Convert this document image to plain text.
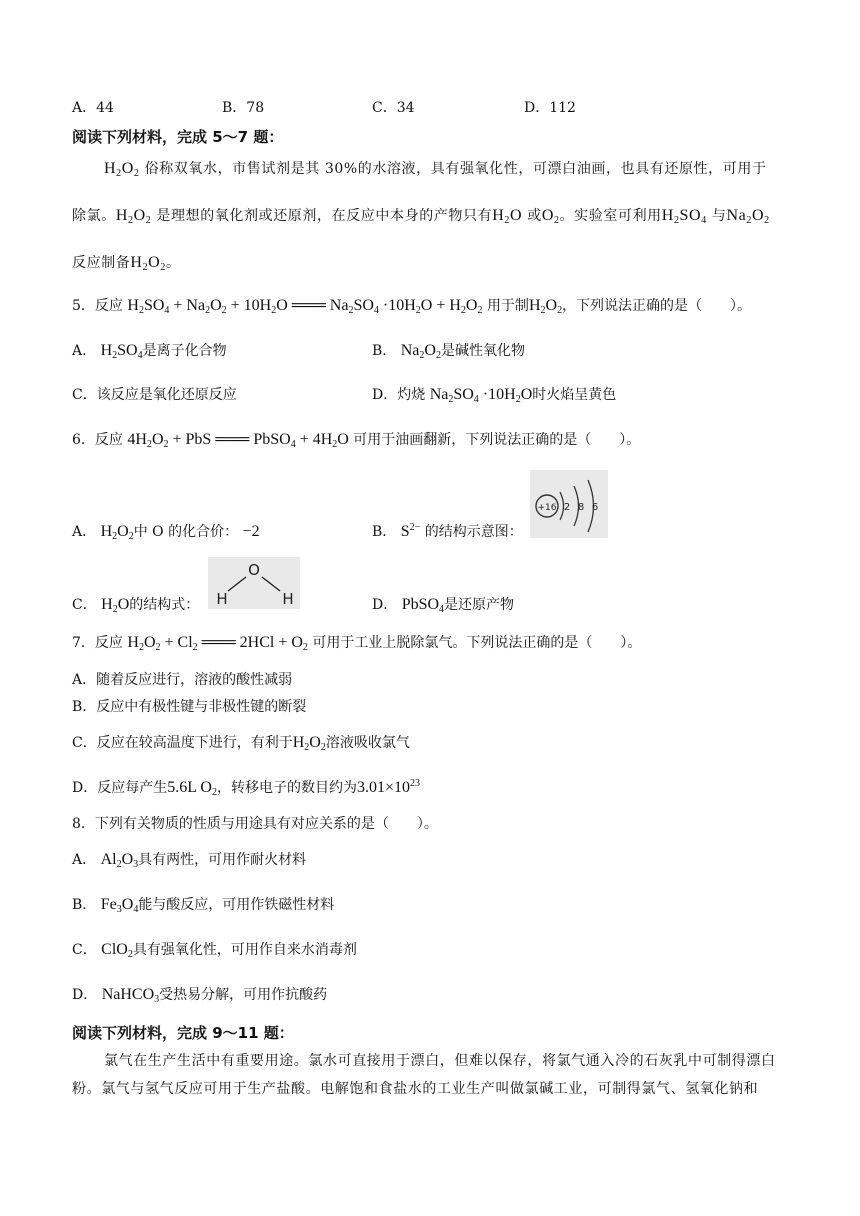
A．44	B．78	C．34	D．112
阅读下列材料，完成 5～7 题：
$H_2O_2$ 俗称双氧水，市售试剂是其 30%的水溶液，具有强氧化性，可漂白油画，也具有还原性，可用于
除氯。$H_2O_2$ 是理想的氧化剂或还原剂，在反应中本身的产物只有$H_2O$ 或$O_2$。实验室可利用$H_2SO_4$ 与$Na_2O_2$
反应制备$H_2O_2$。
5．反应 $H_2SO_4 + Na_2O_2 + 10H_2O$ ═══ $Na_2SO_4 \cdot 10H_2O + H_2O_2$ 用于制$H_2O_2$，下列说法正确的是（　　）。
A． $H_2SO_4$是离子化合物	B． $Na_2O_2$是碱性氧化物
C．该反应是氧化还原反应	D．灼烧 $Na_2SO_4 \cdot 10H_2O$时火焰呈黄色
6．反应 $4H_2O_2$ + PbS ═══ PbSO$_4$ + $4H_2O$ 可用于油画翻新，下列说法正确的是（　　）。
A． $H_2O_2$中 O 的化合价： −2	B． $S^{2-}$ 的结构示意图：
+16 2 8 6
C． $H_2O$的结构式：
O
H	H	D． PbSO$_4$是还原产物
7．反应 $H_2O_2 + Cl_2$ ═══ $2HCl + O_2$ 可用于工业上脱除氯气。下列说法正确的是（　　）。
A．随着反应进行，溶液的酸性减弱
B．反应中有极性键与非极性键的断裂
C．反应在较高温度下进行，有利于$H_2O_2$溶液吸收氯气
D．反应每产生5.6L $O_2$，转移电子的数目约为$3.01\times 10^{23}$
8．下列有关物质的性质与用途具有对应关系的是（　　）。
A． $Al_2O_3$具有两性，可用作耐火材料
B． $Fe_3O_4$能与酸反应，可用作铁磁性材料
C． ClO$_2$具有强氧化性，可用作自来水消毒剂
D． NaHCO$_3$受热易分解，可用作抗酸药
阅读下列材料，完成 9～11 题：
氯气在生产生活中有重要用途。氯水可直接用于漂白，但难以保存，将氯气通入冷的石灰乳中可制得漂白
粉。氯气与氢气反应可用于生产盐酸。电解饱和食盐水的工业生产叫做氯碱工业，可制得氯气、氢氧化钠和
